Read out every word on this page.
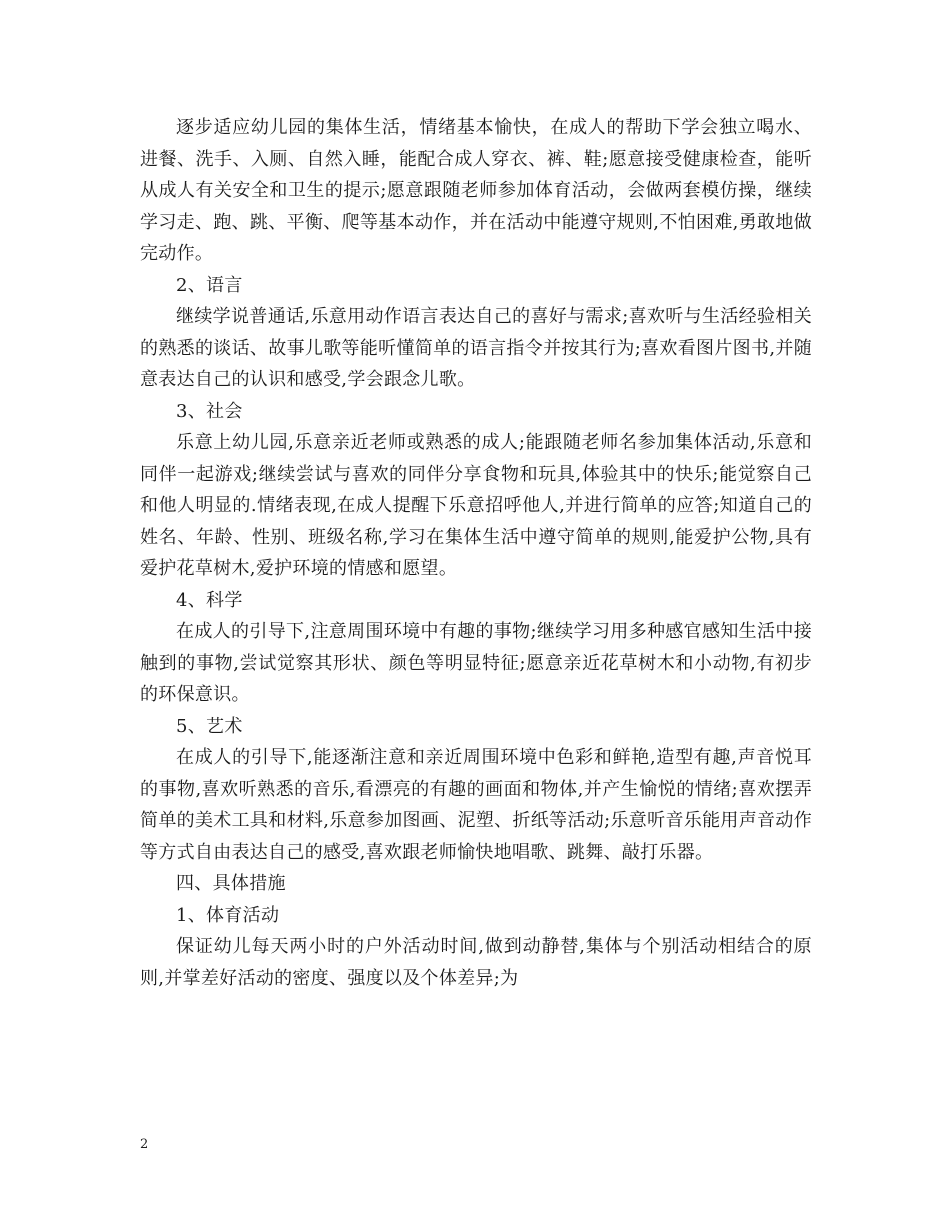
逐步适应幼儿园的集体生活，情绪基本愉快，在成人的帮助下学会独立喝水、进餐、洗手、入厕、自然入睡，能配合成人穿衣、裤、鞋;愿意接受健康检查，能听从成人有关安全和卫生的提示;愿意跟随老师参加体育活动，会做两套模仿操，继续学习走、跑、跳、平衡、爬等基本动作，并在活动中能遵守规则,不怕困难,勇敢地做完动作。

2、语言

继续学说普通话,乐意用动作语言表达自己的喜好与需求;喜欢听与生活经验相关的熟悉的谈话、故事儿歌等能听懂简单的语言指令并按其行为;喜欢看图片图书,并随意表达自己的认识和感受,学会跟念儿歌。

3、社会

乐意上幼儿园,乐意亲近老师或熟悉的成人;能跟随老师名参加集体活动,乐意和同伴一起游戏;继续尝试与喜欢的同伴分享食物和玩具,体验其中的快乐;能觉察自己和他人明显的.情绪表现,在成人提醒下乐意招呼他人,并进行简单的应答;知道自己的姓名、年龄、性别、班级名称,学习在集体生活中遵守简单的规则,能爱护公物,具有爱护花草树木,爱护环境的情感和愿望。

4、科学

在成人的引导下,注意周围环境中有趣的事物;继续学习用多种感官感知生活中接触到的事物,尝试觉察其形状、颜色等明显特征;愿意亲近花草树木和小动物,有初步的环保意识。

5、艺术

在成人的引导下,能逐渐注意和亲近周围环境中色彩和鲜艳,造型有趣,声音悦耳的事物,喜欢听熟悉的音乐,看漂亮的有趣的画面和物体,并产生愉悦的情绪;喜欢摆弄简单的美术工具和材料,乐意参加图画、泥塑、折纸等活动;乐意听音乐能用声音动作等方式自由表达自己的感受,喜欢跟老师愉快地唱歌、跳舞、敲打乐器。

四、具体措施

1、体育活动

保证幼儿每天两小时的户外活动时间,做到动静替,集体与个别活动相结合的原则,并掌差好活动的密度、强度以及个体差异;为

2
